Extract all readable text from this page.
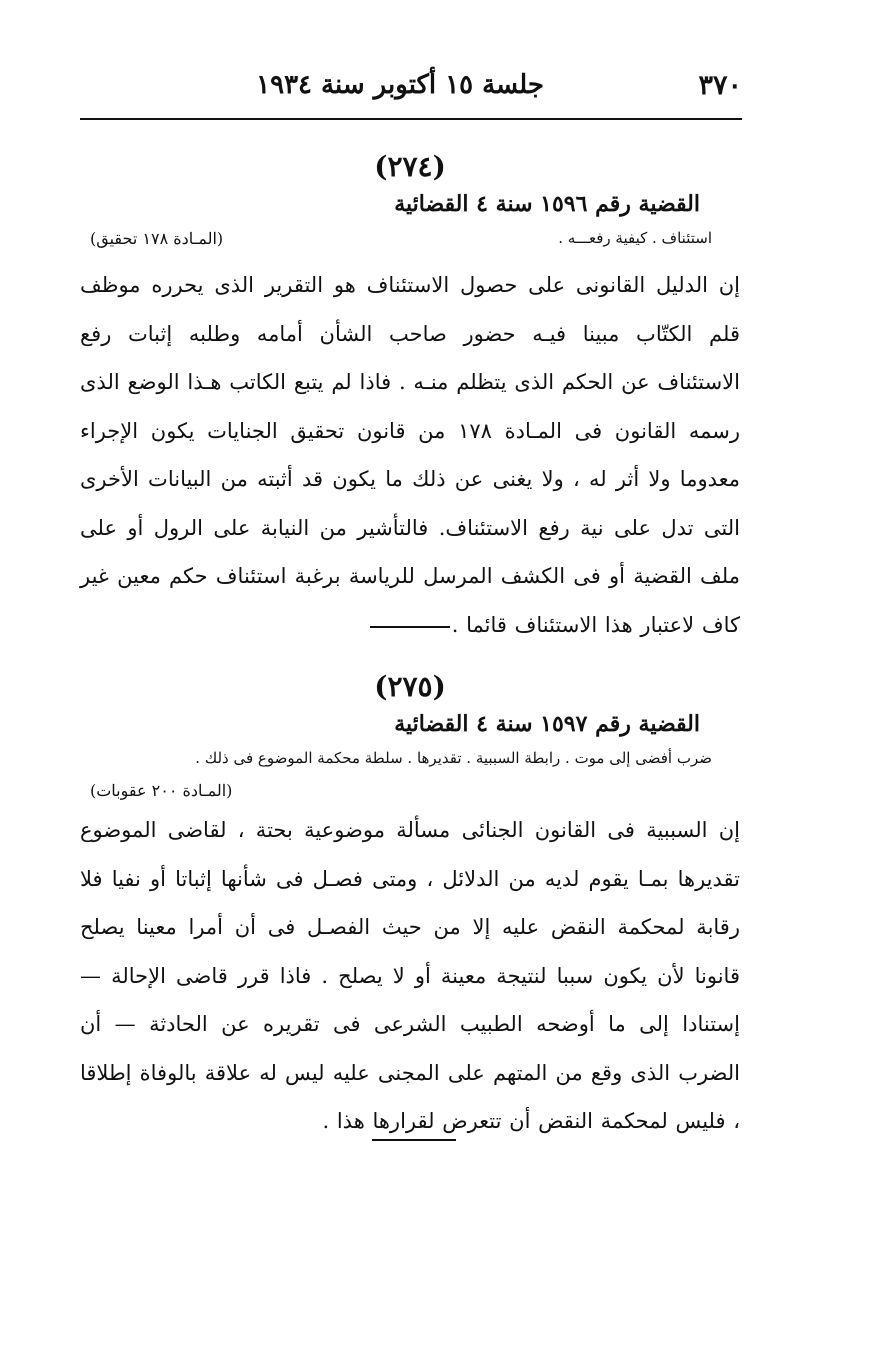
٣٧٠
جلسة ١٥ أكتوبر سنة ١٩٣٤
(٢٧٤)
القضية رقم ١٥٩٦ سنة ٤ القضائية
استئناف . كيفية رفعـــه .
(المـادة ١٧٨ تحقيق)
إن الدليل القانونى على حصول الاستئناف هو التقرير الذى يحرره موظف قلم الكتّاب مبينا فيـه حضور صاحب الشأن أمامه وطلبه إثبات رفع الاستئناف عن الحكم الذى يتظلم منـه . فاذا لم يتبع الكاتب هـذا الوضع الذى رسمه القانون فى المـادة ١٧٨ من قانون تحقيق الجنايات يكون الإجراء معدوما ولا أثر له ، ولا يغنى عن ذلك ما يكون قد أثبته من البيانات الأخرى التى تدل على نية رفع الاستئناف. فالتأشير من النيابة على الرول أو على ملف القضية أو فى الكشف المرسل للرياسة برغبة استئناف حكم معين غير كاف لاعتبار هذا الاستئناف قائما .
(٢٧٥)
القضية رقم ١٥٩٧ سنة ٤ القضائية
ضرب أفضى إلى موت . رابطة السببية . تقديرها . سلطة محكمة الموضوع فى ذلك .
(المـادة ٢٠٠ عقوبات)
إن السببية فى القانون الجنائى مسألة موضوعية بحتة ، لقاضى الموضوع تقديرها بمـا يقوم لديه من الدلائل ، ومتى فصـل فى شأنها إثباتا أو نفيا فلا رقابة لمحكمة النقض عليه إلا من حيث الفصـل فى أن أمرا معينا يصلح قانونا لأن يكون سببا لنتيجة معينة أو لا يصلح . فاذا قرر قاضى الإحالة — إستنادا إلى ما أوضحه الطبيب الشرعى فى تقريره عن الحادثة — أن الضرب الذى وقع من المتهم على المجنى عليه ليس له علاقة بالوفاة إطلاقا ، فليس لمحكمة النقض أن تتعرض لقرارها هذا .
